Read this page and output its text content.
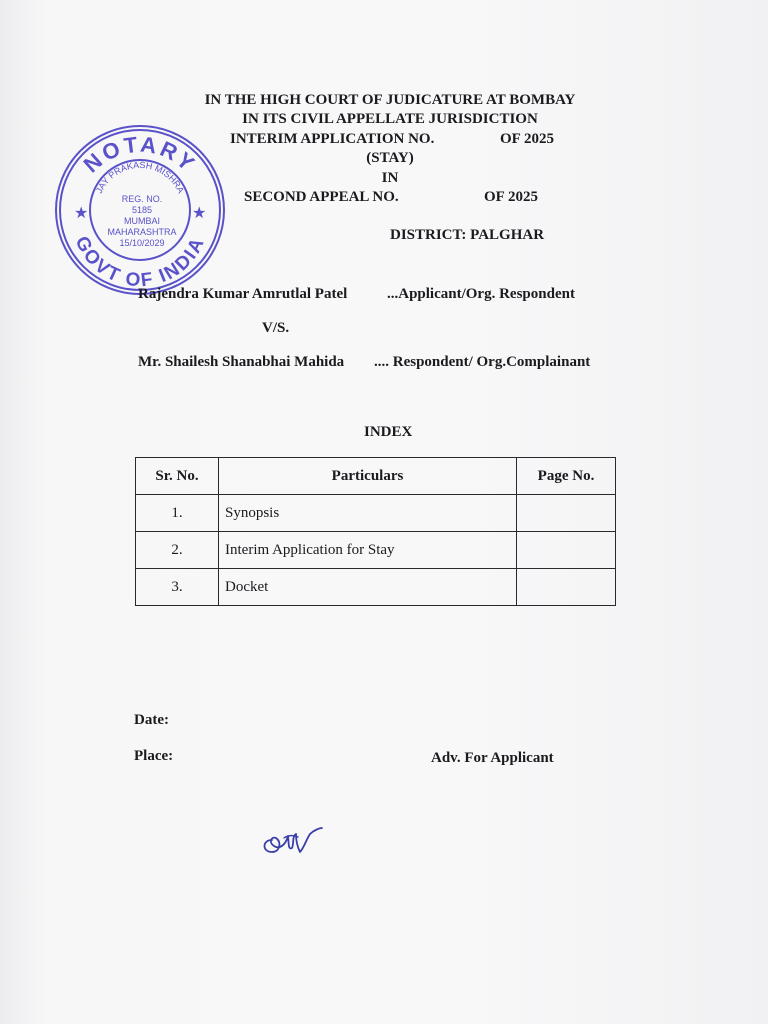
NOTARY
GOVT OF INDIA
JAY PRAKASH MISHRA
★	★
REG. NO.
5185
MUMBAI
MAHARASHTRA
15/10/2029
IN THE HIGH COURT OF JUDICATURE AT BOMBAY
IN ITS CIVIL APPELLATE JURISDICTION
INTERIM APPLICATION NO.	OF 2025
(STAY)
IN
SECOND APPEAL NO.	OF 2025
DISTRICT: PALGHAR
Rajendra Kumar Amrutlal Patel	...Applicant/Org. Respondent
V/S.
Mr. Shailesh Shanabhai Mahida .... Respondent/ Org.Complainant
INDEX
Sr. No.	Particulars	Page No.
1.	Synopsis	
2.	Interim Application for Stay	
3.	Docket	
Date:
Place:	Adv. For Applicant
